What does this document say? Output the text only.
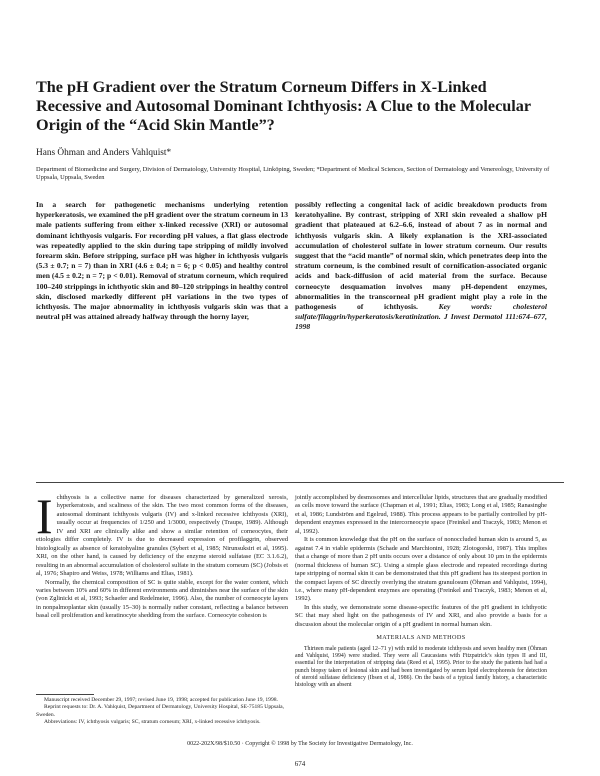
The pH Gradient over the Stratum Corneum Differs in X-Linked Recessive and Autosomal Dominant Ichthyosis: A Clue to the Molecular Origin of the “Acid Skin Mantle”?
Hans Öhman and Anders Vahlquist*
Department of Biomedicine and Surgery, Division of Dermatology, University Hospital, Linköping, Sweden; *Department of Medical Sciences, Section of Dermatology and Venereology, University of Uppsala, Uppsala, Sweden
In a search for pathogenetic mechanisms underlying retention hyperkeratosis, we examined the pH gradient over the stratum corneum in 13 male patients suffering from either x-linked recessive (XRI) or autosomal dominant ichthyosis vulgaris. For recording pH values, a flat glass electrode was repeatedly applied to the skin during tape stripping of mildly involved forearm skin. Before stripping, surface pH was higher in ichthyosis vulgaris (5.3 ± 0.7; n = 7) than in XRI (4.6 ± 0.4; n = 6; p < 0.05) and healthy control men (4.5 ± 0.2; n = 7; p < 0.01). Removal of stratum corneum, which required 100–240 strippings in ichthyotic skin and 80–120 strippings in healthy control skin, disclosed markedly different pH variations in the two types of ichthyosis. The major abnormality in ichthyosis vulgaris skin was that a neutral pH was attained already halfway through the horny layer,
possibly reflecting a congenital lack of acidic breakdown products from keratohyaline. By contrast, stripping of XRI skin revealed a shallow pH gradient that plateaued at 6.2–6.6, instead of about 7 as in normal and ichthyosis vulgaris skin. A likely explanation is the XRI-associated accumulation of cholesterol sulfate in lower stratum corneum. Our results suggest that the “acid mantle” of normal skin, which penetrates deep into the stratum corneum, is the combined result of cornification-associated organic acids and back-diffusion of acid material from the surface. Because corneocyte desquamation involves many pH-dependent enzymes, abnormalities in the transcorneal pH gradient might play a role in the pathogenesis of ichthyosis.	Key words: cholesterol sulfate/filaggrin/hyperkeratosis/keratinization. J Invest Dermatol 111:674–677, 1998

Ichthyosis is a collective name for diseases characterized by generalized xerosis, hyperkeratosis, and scaliness of the skin. The two most common forms of the diseases, autosomal dominant ichthyosis vulgaris (IV) and x-linked recessive ichthyosis (XRI), usually occur at frequencies of 1/250 and 1/3000, respectively (Traupe, 1989). Although IV and XRI are clinically alike and show a similar retention of corneocytes, their etiologies differ completely. IV is due to decreased expression of profilaggrin, observed histologically as absence of keratohyaline granules (Sybert et al, 1985; Nirunsuksiri et al, 1995). XRI, on the other hand, is caused by deficiency of the enzyme steroid sulfatase (EC 3.1.6.2), resulting in an abnormal accumulation of cholesterol sulfate in the stratum corneum (SC) (Jobsis et al, 1976; Shapiro and Weiss, 1978; Williams and Elias, 1981).

Normally, the chemical composition of SC is quite stable, except for the water content, which varies between 10% and 60% in different environments and diminishes near the surface of the skin (von Zglinicki et al, 1993; Schaefer and Redelmeier, 1996). Also, the number of corneocyte layers in nonpalmoplantar skin (usually 15–30) is normally rather constant, reflecting a balance between basal cell proliferation and keratinocyte shedding from the surface. Corneocyte cohesion is

jointly accomplished by desmosomes and intercellular lipids, structures that are gradually modified as cells move toward the surface (Chapman et al, 1991; Elias, 1983; Long et al, 1985; Ranasinghe et al, 1986; Lundström and Egelrud, 1988). This process appears to be partially controlled by pH-dependent enzymes expressed in the intercorneocyte space (Freinkel and Traczyk, 1983; Menon et al, 1992).

It is common knowledge that the pH on the surface of nonoccluded human skin is around 5, as against 7.4 in viable epidermis (Schade and Marchionini, 1928; Zlotogorski, 1987). This implies that a change of more than 2 pH units occurs over a distance of only about 10 µm in the epidermis (normal thickness of human SC). Using a simple glass electrode and repeated recordings during tape stripping of normal skin it can be demonstrated that this pH gradient has its steepest portion in the compact layers of SC directly overlying the stratum granulosum (Öhman and Vahlquist, 1994), i.e., where many pH-dependent enzymes are operating (Freinkel and Traczyk, 1983; Menon et al, 1992).

In this study, we demonstrate some disease-specific features of the pH gradient in ichthyotic SC that may shed light on the pathogenesis of IV and XRI, and also provide a basis for a discussion about the molecular origin of a pH gradient in normal human skin.

MATERIALS AND METHODS

Thirteen male patients (aged 12–71 y) with mild to moderate ichthyosis and seven healthy men (Öhman and Vahlquist, 1994) were studied. They were all Caucasians with Fitzpatrick’s skin types II and III, essential for the interpretation of stripping data (Reed et al, 1995). Prior to the study the patients had had a punch biopsy taken of lesional skin and had been investigated by serum lipid electrophoresis for detection of steroid sulfatase deficiency (Ibsen et al, 1986). On the basis of a typical family history, a characteristic histology with an absent

Manuscript received December 29, 1997; revised June 19, 1998; accepted for publication June 19, 1998.

Reprint requests to: Dr. A. Vahlquist, Department of Dermatology, University Hospital, SE-75185 Uppsala, Sweden.

Abbreviations: IV, ichthyosis vulgaris; SC, stratum corneum; XRI, x-linked recessive ichthyosis.

0022-202X/98/$10.50 · Copyright © 1998 by The Society for Investigative Dermatology, Inc.
674
